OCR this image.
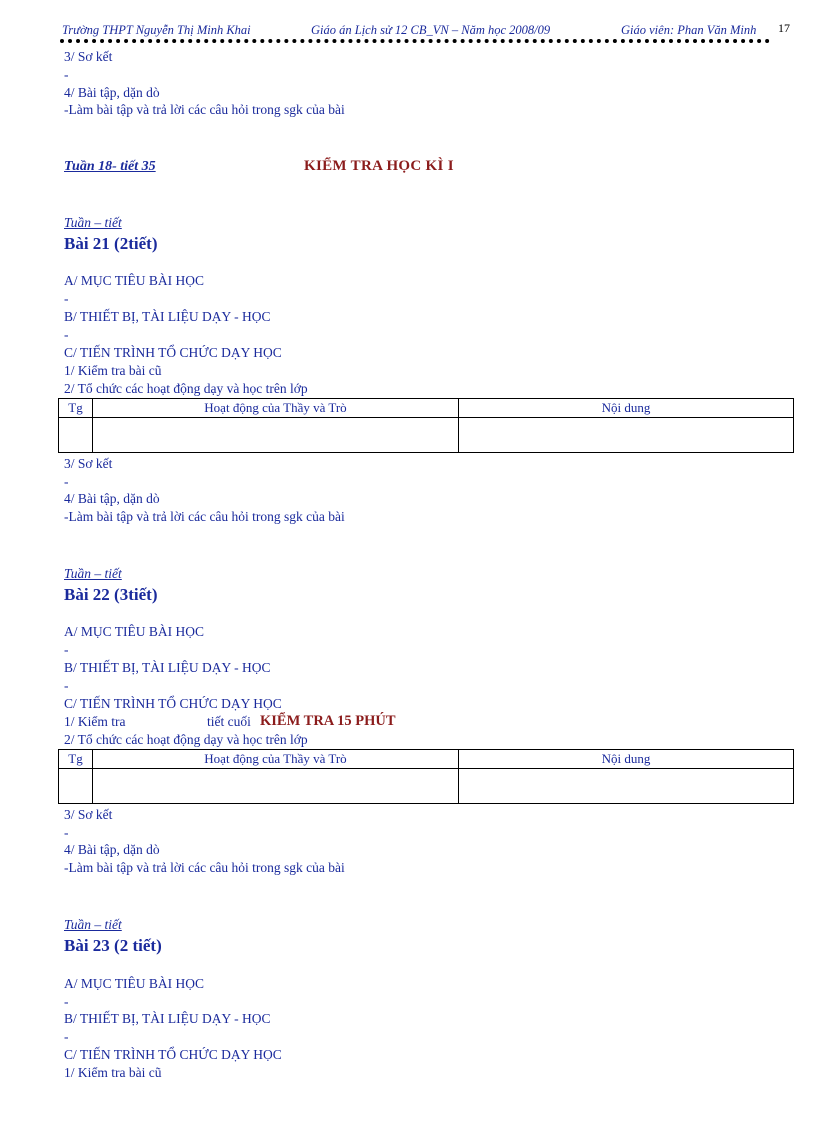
Trường THPT Nguyễn Thị Minh Khai	Giáo án Lịch sử 12 CB_VN – Năm học 2008/09	Giáo viên: Phan Văn Minh 17
3/ Sơ kết
-
4/ Bài tập, dặn dò
-Làm bài tập và trả lời các câu hỏi trong sgk của bài
Tuần 18- tiết 35	KIỂM TRA HỌC KÌ I
Tuần – tiết
Bài 21 (2tiết)
A/ MỤC TIÊU BÀI HỌC
-
B/ THIẾT BỊ, TÀI LIỆU DẠY - HỌC
-
C/ TIẾN TRÌNH TỔ CHỨC DẠY HỌC
1/ Kiểm tra bài cũ
2/ Tổ chức các hoạt động dạy và học trên lớp
Tg	Hoạt động của Thầy và Trò	Nội dung

3/ Sơ kết
-
4/ Bài tập, dặn dò
-Làm bài tập và trả lời các câu hỏi trong sgk của bài
Tuần – tiết
Bài 22 (3tiết)
A/ MỤC TIÊU BÀI HỌC
-
B/ THIẾT BỊ, TÀI LIỆU DẠY - HỌC
-
C/ TIẾN TRÌNH TỔ CHỨC DẠY HỌC
1/ Kiểm tra	tiết cuối KIỂM TRA 15 PHÚT
2/ Tổ chức các hoạt động dạy và học trên lớp
Tg	Hoạt động của Thầy và Trò	Nội dung

3/ Sơ kết
-
4/ Bài tập, dặn dò
-Làm bài tập và trả lời các câu hỏi trong sgk của bài
Tuần – tiết
Bài 23 (2 tiết)
A/ MỤC TIÊU BÀI HỌC
-
B/ THIẾT BỊ, TÀI LIỆU DẠY - HỌC
-
C/ TIẾN TRÌNH TỔ CHỨC DẠY HỌC
1/ Kiểm tra bài cũ
